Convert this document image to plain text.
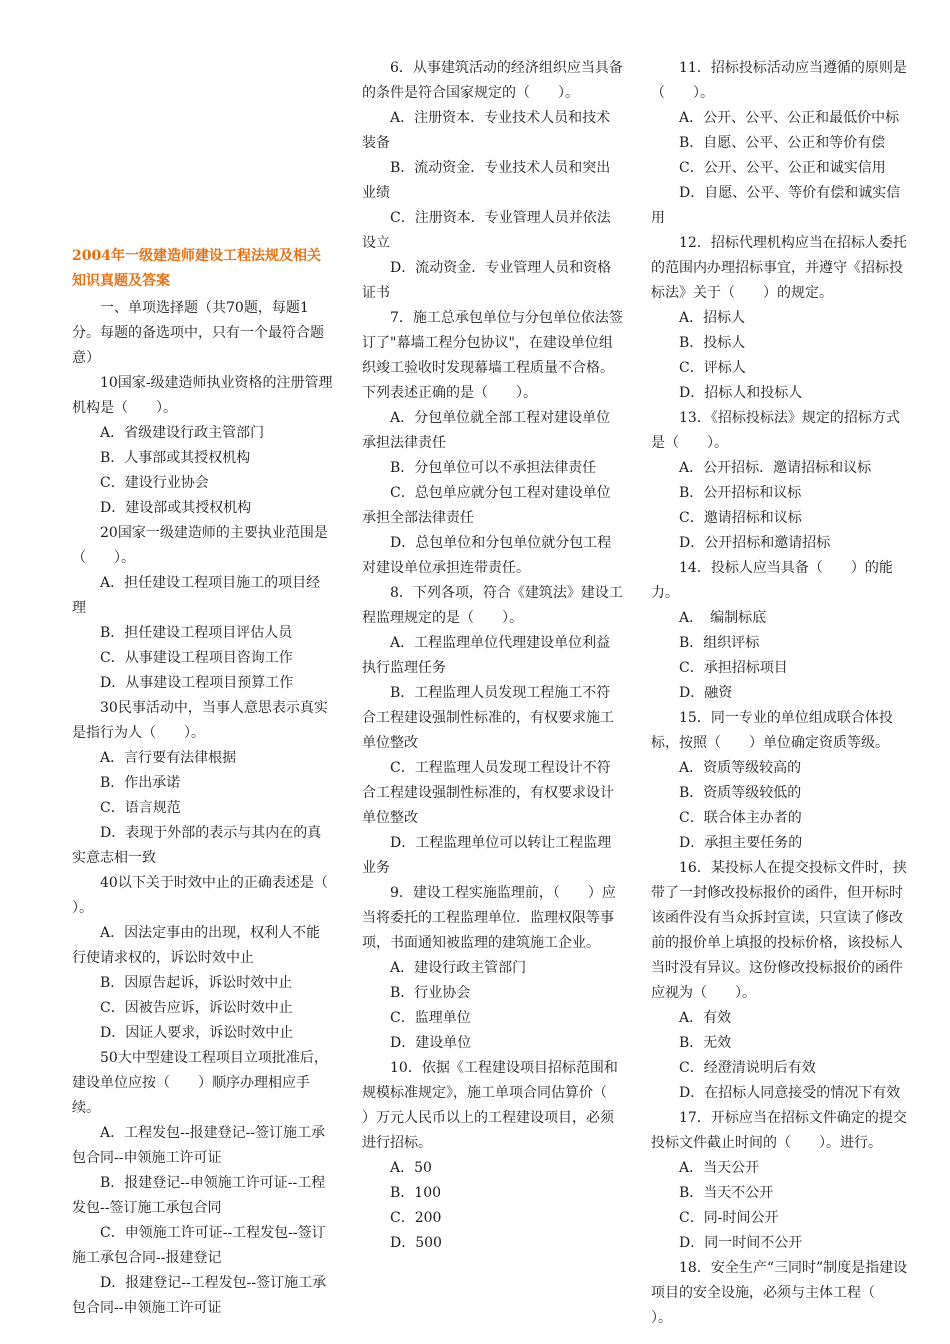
2004年一级建造师建设工程法规及相关知识真题及答案

一、单项选择题（共70题，每题1分。每题的备选项中，只有一个最符合题意）

10国家-级建造师执业资格的注册管理机构是（　　）。

A．省级建设行政主管部门

B．人事部或其授权机构

C．建设行业协会

D．建设部或其授权机构

20国家一级建造师的主要执业范围是（　　）。

A．担任建设工程项目施工的项目经理

B．担任建设工程项目评估人员

C．从事建设工程项目咨询工作

D．从事建设工程项目预算工作

30民事活动中，当事人意思表示真实是指行为人（　　）。

A．言行要有法律根据

B．作出承诺

C．语言规范

D．表现于外部的表示与其内在的真实意志相一致

40以下关于时效中止的正确表述是（　　）。

A．因法定事由的出现，权利人不能行使请求权的，诉讼时效中止

B．因原告起诉，诉讼时效中止

C．因被告应诉，诉讼时效中止

D．因证人要求，诉讼时效中止

50大中型建设工程项目立项批准后，建设单位应按（　　）顺序办理相应手续。

A．工程发包--报建登记--签订施工承包合同--申领施工许可证

B．报建登记--申领施工许可证--工程发包--签订施工承包合同

C．申领施工许可证--工程发包--签订施工承包合同--报建登记

D．报建登记--工程发包--签订施工承包合同--申领施工许可证

6．从事建筑活动的经济组织应当具备的条件是符合国家规定的（　　）。

A．注册资本．专业技术人员和技术装备

B．流动资金．专业技术人员和突出业绩

C．注册资本．专业管理人员并依法设立

D．流动资金．专业管理人员和资格证书

7．施工总承包单位与分包单位依法签订了"幕墙工程分包协议"，在建设单位组织竣工验收时发现幕墙工程质量不合格。下列表述正确的是（　　）。

A．分包单位就全部工程对建设单位承担法律责任

B．分包单位可以不承担法律责任

C．总包单应就分包工程对建设单位承担全部法律责任

D．总包单位和分包单位就分包工程对建设单位承担连带责任。

8．下列各项，符合《建筑法》建设工程监理规定的是（　　）。

A．工程监理单位代理建设单位利益执行监理任务

B．工程监理人员发现工程施工不符合工程建设强制性标准的，有权要求施工单位整改

C．工程监理人员发现工程设计不符合工程建设强制性标准的，有权要求设计单位整改

D．工程监理单位可以转让工程监理业务

9．建设工程实施监理前，（　　）应当将委托的工程监理单位．监理权限等事项，书面通知被监理的建筑施工企业。

A．建设行政主管部门

B．行业协会

C．监理单位

D．建设单位

10．依据《工程建设项目招标范围和规模标准规定》，施工单项合同估算价（　　）万元人民币以上的工程建设项目，必须进行招标。

A．50

B．100

C．200

D．500

11．招标投标活动应当遵循的原则是（　　）。

A．公开、公平、公正和最低价中标

B．自愿、公平、公正和等价有偿

C．公开、公平、公正和诚实信用

D．自愿、公平、等价有偿和诚实信用

12．招标代理机构应当在招标人委托的范围内办理招标事宜，并遵守《招标投标法》关于（　　）的规定。

A．招标人

B．投标人

C．评标人

D．招标人和投标人

13．《招标投标法》规定的招标方式是（　　）。

A．公开招标．邀请招标和议标

B．公开招标和议标

C．邀请招标和议标

D．公开招标和邀请招标

14．投标人应当具备（　　）的能力。

A．　编制标底

B．组织评标

C．承担招标项目

D．融资

15．同一专业的单位组成联合体投标，按照（　　）单位确定资质等级。

A．资质等级较高的

B．资质等级较低的

C．联合体主办者的

D．承担主要任务的

16．某投标人在提交投标文件时，挟带了一封修改投标报价的函件，但开标时该函件没有当众拆封宣读，只宣读了修改前的报价单上填报的投标价格，该投标人当时没有异议。这份修改投标报价的函件应视为（　　）。

A．有效

B．无效

C．经澄清说明后有效

D．在招标人同意接受的情况下有效

17．开标应当在招标文件确定的提交投标文件截止时间的（　　）。进行。

A．当天公开

B．当天不公开

C．同-时间公开

D．同一时间不公开

18．安全生产“三同时”制度是指建设项目的安全设施，必须与主体工程（　　）。
